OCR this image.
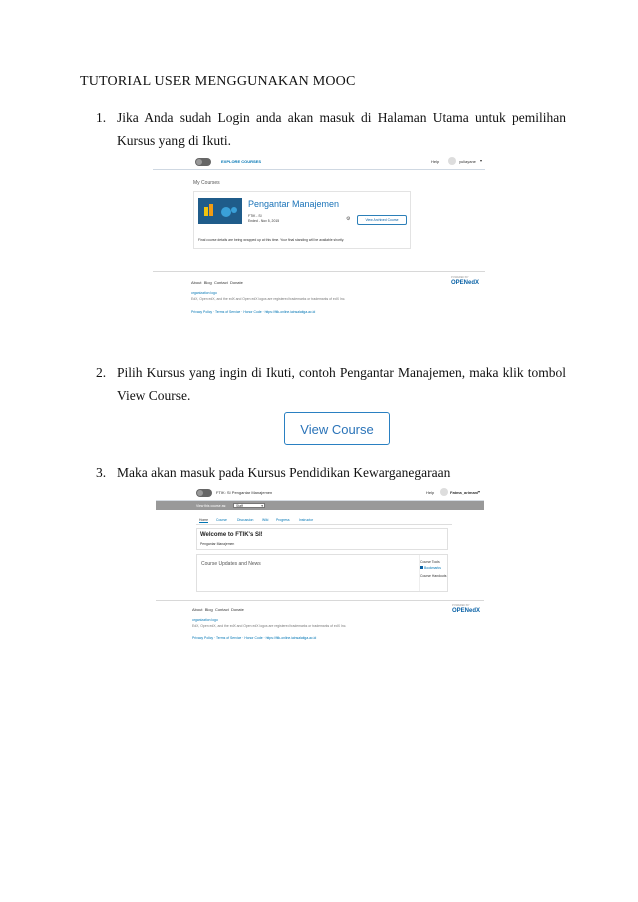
TUTORIAL USER MENGGUNAKAN MOOC
1. Jika Anda sudah Login anda akan masuk di Halaman Utama untuk pemilihan Kursus yang di Ikuti.
EXPLORE COURSES	Help	yuliayane ▾
My Courses
Pengantar Manajemen
FTIK - SI
Ended - Nov 5, 2015	⚙	View Archived Course
Final course details are being wrapped up at this time. Your final standing will be available shortly.
About Blog Contact Donate
organization logo
EdX, Open edX, and the edX and Open edX logos are registered trademarks or trademarks of edX Inc.
Privacy Policy · Terms of Service · Honor Code · https://ftik-online.iainsalatiga.ac.id
POWERED BY
OPENedX
2. Pilih Kursus yang ingin di Ikuti, contoh Pengantar Manajemen, maka klik tombol View Course.
View Course
3. Maka akan masuk pada Kursus Pendidikan Kewarganegaraan
FTIK: SI Pengantar Manajemen	Help	Fatma_arimani ▾
View this course as:	Staff	▾
Home Course	Discussion	Wiki Progress	Instructor
Welcome to FTIK's SI!
Pengantar Manajemen
Course Updates and News	Course Tools
Bookmarks
Course Handouts
About Blog Contact Donate
organization logo
EdX, Open edX, and the edX and Open edX logos are registered trademarks or trademarks of edX Inc.
Privacy Policy · Terms of Service · Honor Code · https://ftik-online.iainsalatiga.ac.id
POWERED BY
OPENedX
